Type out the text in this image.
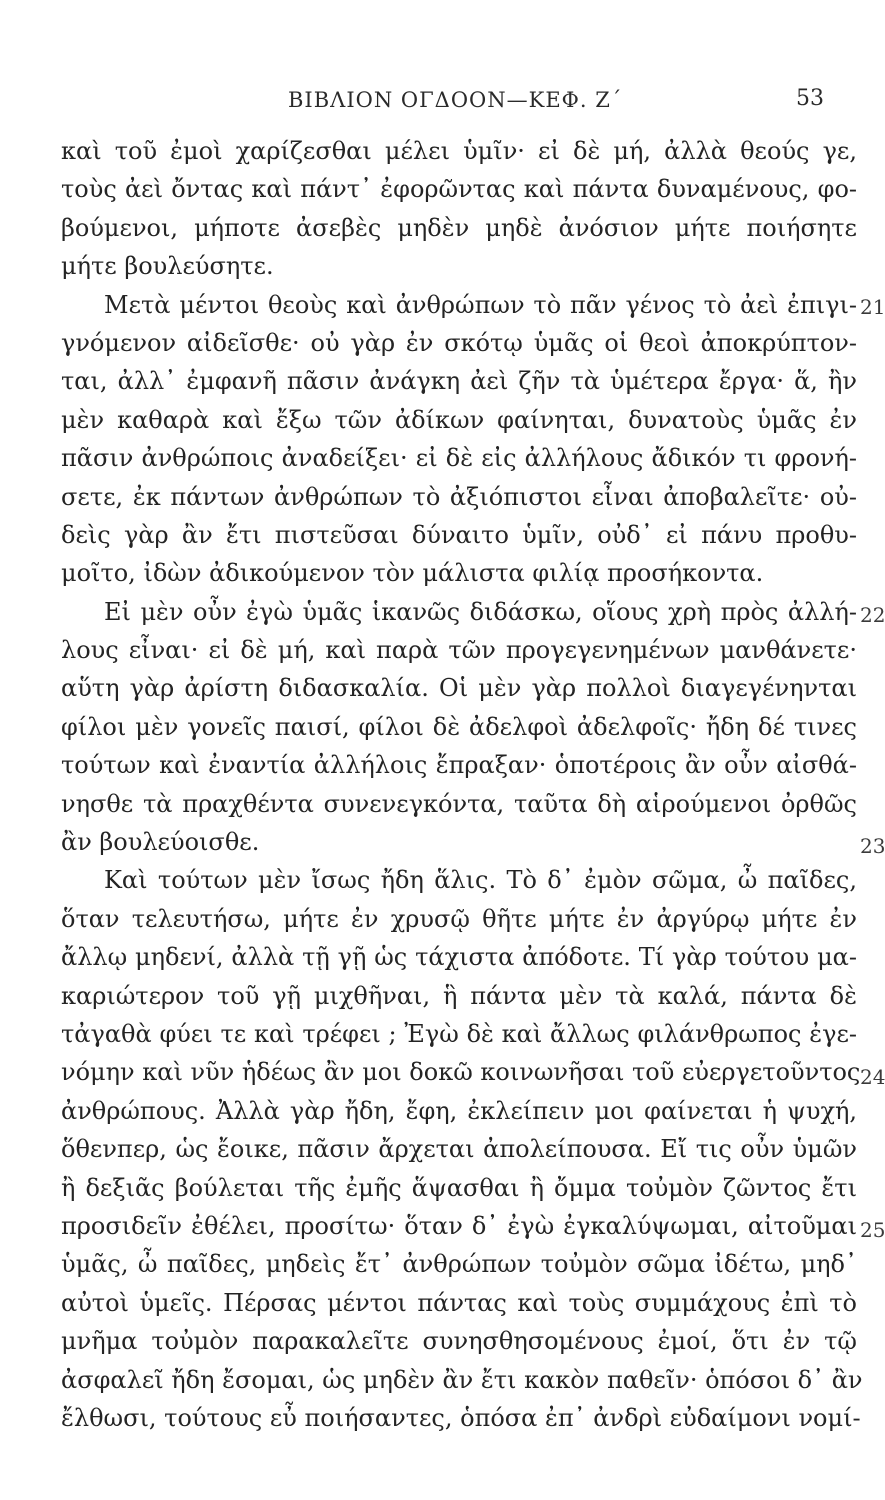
ΒΙΒΛΙΟΝ ΟΓΔΟΟΝ—ΚΕΦ. Ζ΄	53
καὶ τοῦ ἐμοὶ χαρίζεσθαι μέλει ὑμῖν· εἰ δὲ μή, ἀλλὰ θεούς γε,
τοὺς ἀεὶ ὄντας καὶ πάντ᾽ ἐφορῶντας καὶ πάντα δυναμένους, φο-
βούμενοι, μήποτε ἀσεβὲς μηδὲν μηδὲ ἀνόσιον μήτε ποιήσητε
μήτε βουλεύσητε.
Μετὰ μέντοι θεοὺς καὶ ἀνθρώπων τὸ πᾶν γένος τὸ ἀεὶ ἐπιγι-
γνόμενον αἰδεῖσθε· οὐ γὰρ ἐν σκότῳ ὑμᾶς οἱ θεοὶ ἀποκρύπτον-
ται, ἀλλ᾽ ἐμφανῆ πᾶσιν ἀνάγκη ἀεὶ ζῆν τὰ ὑμέτερα ἔργα· ἅ, ἢν
μὲν καθαρὰ καὶ ἔξω τῶν ἀδίκων φαίνηται, δυνατοὺς ὑμᾶς ἐν
πᾶσιν ἀνθρώποις ἀναδείξει· εἰ δὲ εἰς ἀλλήλους ἄδικόν τι φρονή-
σετε, ἐκ πάντων ἀνθρώπων τὸ ἀξιόπιστοι εἶναι ἀποβαλεῖτε· οὐ-
δεὶς γὰρ ἂν ἔτι πιστεῦσαι δύναιτο ὑμῖν, οὐδ᾽ εἰ πάνυ προθυ-
μοῖτο, ἰδὼν ἀδικούμενον τὸν μάλιστα φιλίᾳ προσήκοντα.
Εἰ μὲν οὖν ἐγὼ ὑμᾶς ἱκανῶς διδάσκω, οἵους χρὴ πρὸς ἀλλή-
λους εἶναι· εἰ δὲ μή, καὶ παρὰ τῶν προγεγενημένων μανθάνετε·
αὕτη γὰρ ἀρίστη διδασκαλία. Οἱ μὲν γὰρ πολλοὶ διαγεγένηνται
φίλοι μὲν γονεῖς παισί, φίλοι δὲ ἀδελφοὶ ἀδελφοῖς· ἤδη δέ τινες
τούτων καὶ ἐναντία ἀλλήλοις ἔπραξαν· ὁποτέροις ἂν οὖν αἰσθά-
νησθε τὰ πραχθέντα συνενεγκόντα, ταῦτα δὴ αἱρούμενοι ὀρθῶς
ἂν βουλεύοισθε.
Καὶ τούτων μὲν ἴσως ἤδη ἅλις. Τὸ δ᾽ ἐμὸν σῶμα, ὦ παῖδες,
ὅταν τελευτήσω, μήτε ἐν χρυσῷ θῆτε μήτε ἐν ἀργύρῳ μήτε ἐν
ἄλλῳ μηδενί, ἀλλὰ τῇ γῇ ὡς τάχιστα ἀπόδοτε. Τί γὰρ τούτου μα-
καριώτερον τοῦ γῇ μιχθῆναι, ἣ πάντα μὲν τὰ καλά, πάντα δὲ
τἀγαθὰ φύει τε καὶ τρέφει ; Ἐγὼ δὲ καὶ ἄλλως φιλάνθρωπος ἐγε-
νόμην καὶ νῦν ἡδέως ἂν μοι δοκῶ κοινωνῆσαι τοῦ εὐεργετοῦντος
ἀνθρώπους. Ἀλλὰ γὰρ ἤδη, ἔφη, ἐκλείπειν μοι φαίνεται ἡ ψυχή,
ὅθενπερ, ὡς ἔοικε, πᾶσιν ἄρχεται ἀπολείπουσα. Εἴ τις οὖν ὑμῶν
ἢ δεξιᾶς βούλεται τῆς ἐμῆς ἅψασθαι ἢ ὄμμα τοὐμὸν ζῶντος ἔτι
προσιδεῖν ἐθέλει, προσίτω· ὅταν δ᾽ ἐγὼ ἐγκαλύψωμαι, αἰτοῦμαι
ὑμᾶς, ὦ παῖδες, μηδεὶς ἔτ᾽ ἀνθρώπων τοὐμὸν σῶμα ἰδέτω, μηδ᾽
αὐτοὶ ὑμεῖς. Πέρσας μέντοι πάντας καὶ τοὺς συμμάχους ἐπὶ τὸ
μνῆμα τοὐμὸν παρακαλεῖτε συνησθησομένους ἐμοί, ὅτι ἐν τῷ
ἀσφαλεῖ ἤδη ἔσομαι, ὡς μηδὲν ἂν ἔτι κακὸν παθεῖν· ὁπόσοι δ᾽ ἂν
ἔλθωσι, τούτους εὖ ποιήσαντες, ὁπόσα ἐπ᾽ ἀνδρὶ εὐδαίμονι νομί-
21
22
23
24
25
